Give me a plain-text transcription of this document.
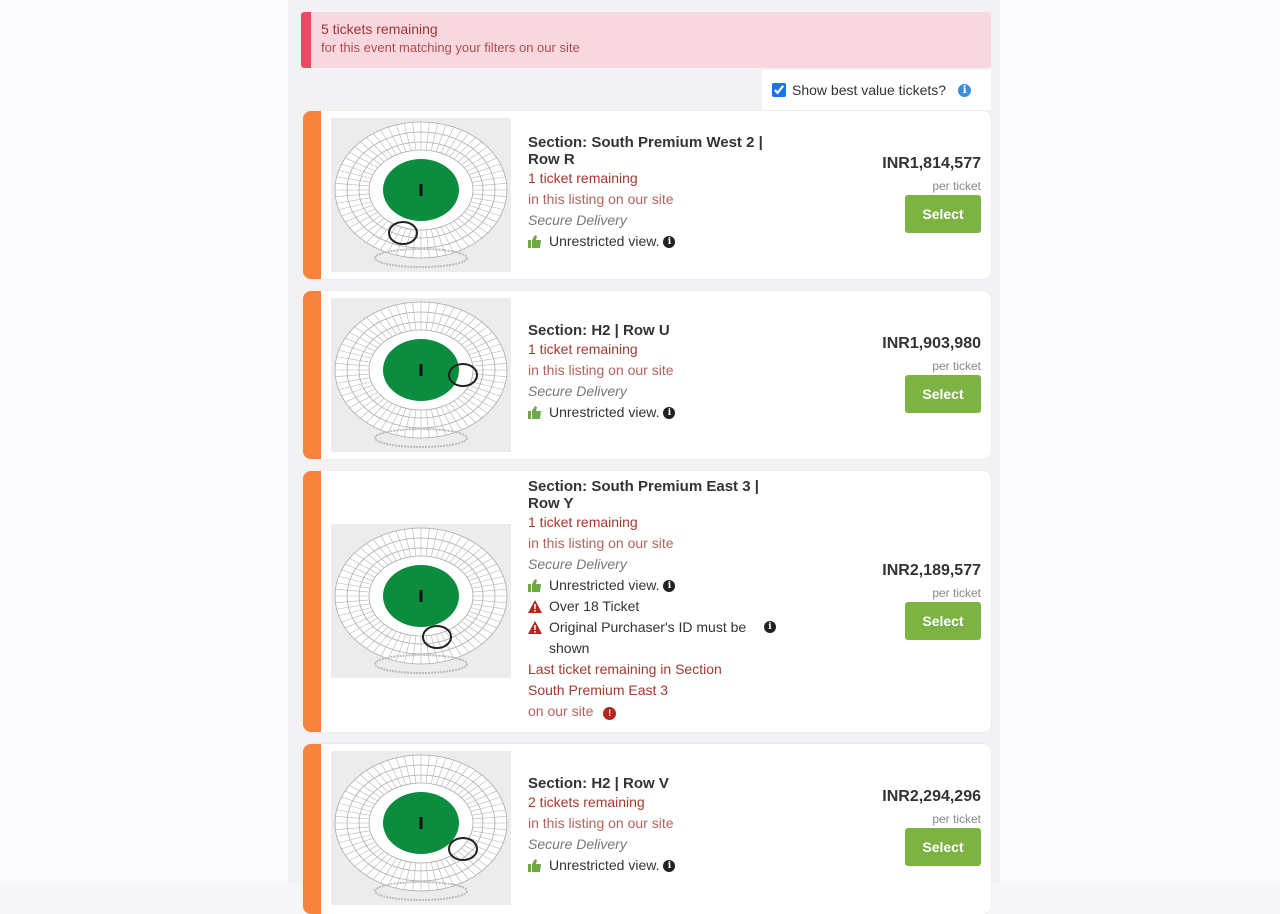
5 tickets remaining
for this event matching your filters on our site
Show best value tickets?	i
Section: South Premium West 2 | Row R
1 ticket remaining
in this listing on our site
Secure Delivery
Unrestricted view. i
INR1,814,577
per ticket
Select
Section: H2 | Row U
1 ticket remaining
in this listing on our site
Secure Delivery
Unrestricted view. i
INR1,903,980
per ticket
Select
Section: South Premium East 3 | Row Y
1 ticket remaining
in this listing on our site
Secure Delivery
Unrestricted view. i
Over 18 Ticket
Original Purchaser's ID must be shown
i
Last ticket remaining in Section South Premium East 3
on our site !
INR2,189,577
per ticket
Select
Section: H2 | Row V
2 tickets remaining
in this listing on our site
Secure Delivery
Unrestricted view. i
INR2,294,296
per ticket
Select
